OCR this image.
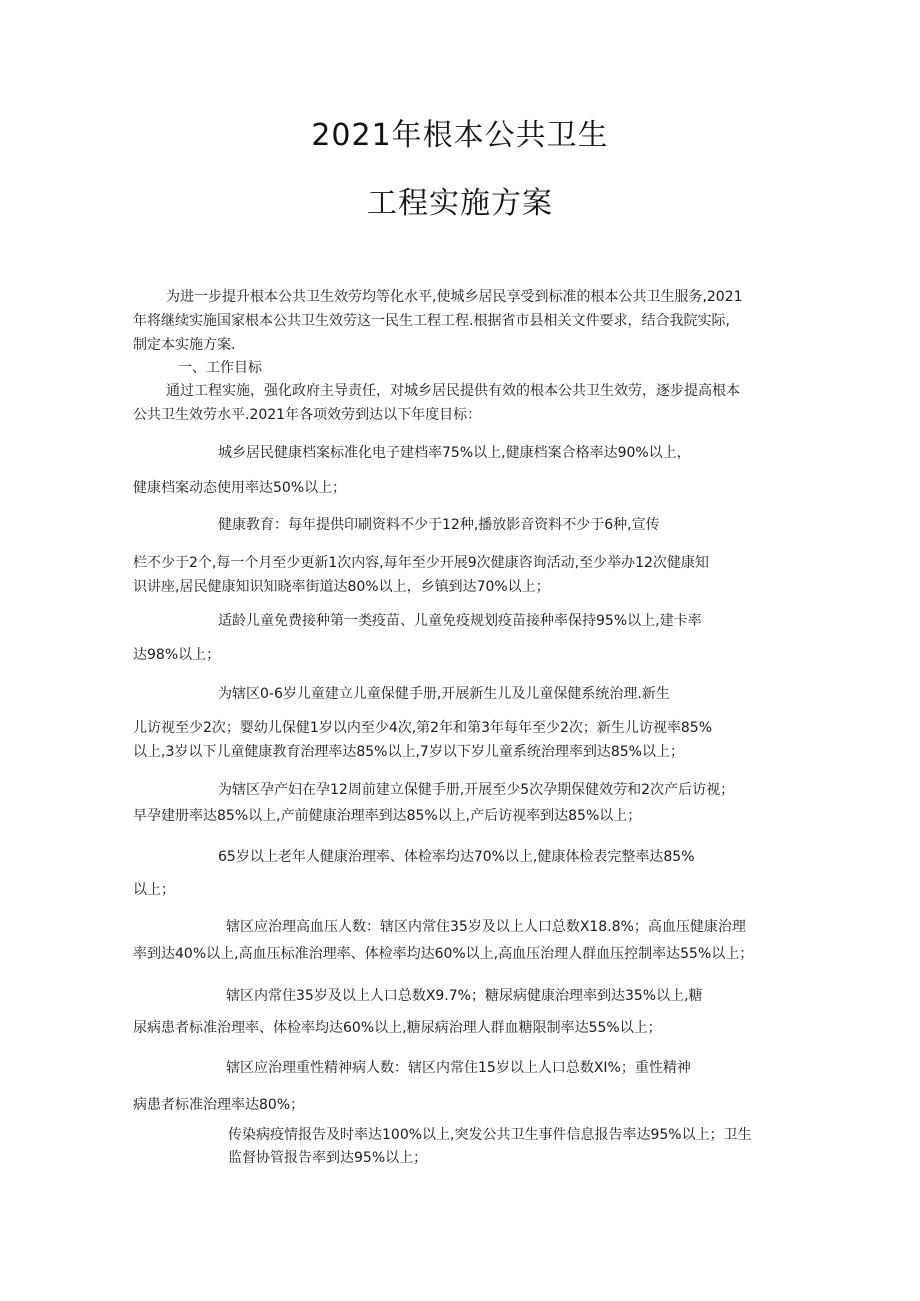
2021年根本公共卫生
工程实施方案
为进一步提升根本公共卫生效劳均等化水平,使城乡居民享受到标准的根本公共卫生服务,2021
年将继续实施国家根本公共卫生效劳这一民生工程工程.根据省市县相关文件要求，结合我院实际,
制定本实施方案.
一、工作目标
通过工程实施，强化政府主导责任，对城乡居民提供有效的根本公共卫生效劳，逐步提高根本
公共卫生效劳水平.2021年各项效劳到达以下年度目标：
城乡居民健康档案标准化电子建档率75%以上,健康档案合格率达90%以上，
健康档案动态使用率达50%以上；
健康教育：每年提供印刷资料不少于12种,播放影音资料不少于6种,宣传
栏不少于2个,每一个月至少更新1次内容,每年至少开展9次健康咨询活动,至少举办12次健康知
识讲座,居民健康知识知晓率街道达80%以上，乡镇到达70%以上；
适龄儿童免费接种第一类疫苗、儿童免疫规划疫苗接种率保持95%以上,建卡率
达98%以上；
为辖区0-6岁儿童建立儿童保健手册,开展新生儿及儿童保健系统治理.新生
儿访视至少2次；婴幼儿保健1岁以内至少4次,第2年和第3年每年至少2次；新生儿访视率85%
以上,3岁以下儿童健康教育治理率达85%以上,7岁以下岁儿童系统治理率到达85%以上；
为辖区孕产妇在孕12周前建立保健手册,开展至少5次孕期保健效劳和2次产后访视；
早孕建册率达85%以上,产前健康治理率到达85%以上,产后访视率到达85%以上；
65岁以上老年人健康治理率、体检率均达70%以上,健康体检表完整率达85%
以上；
辖区应治理高血压人数：辖区内常住35岁及以上人口总数X18.8%；高血压健康治理
率到达40%以上,高血压标准治理率、体检率均达60%以上,高血压治理人群血压控制率达55%以上；
辖区内常住35岁及以上人口总数X9.7%；糖尿病健康治理率到达35%以上,糖
尿病患者标准治理率、体检率均达60%以上,糖尿病治理人群血糖限制率达55%以上；
辖区应治理重性精神病人数：辖区内常住15岁以上人口总数XI%；重性精神
病患者标准治理率达80%；
传染病疫情报告及时率达100%以上,突发公共卫生事件信息报告率达95%以上；卫生
监督协管报告率到达95%以上；
